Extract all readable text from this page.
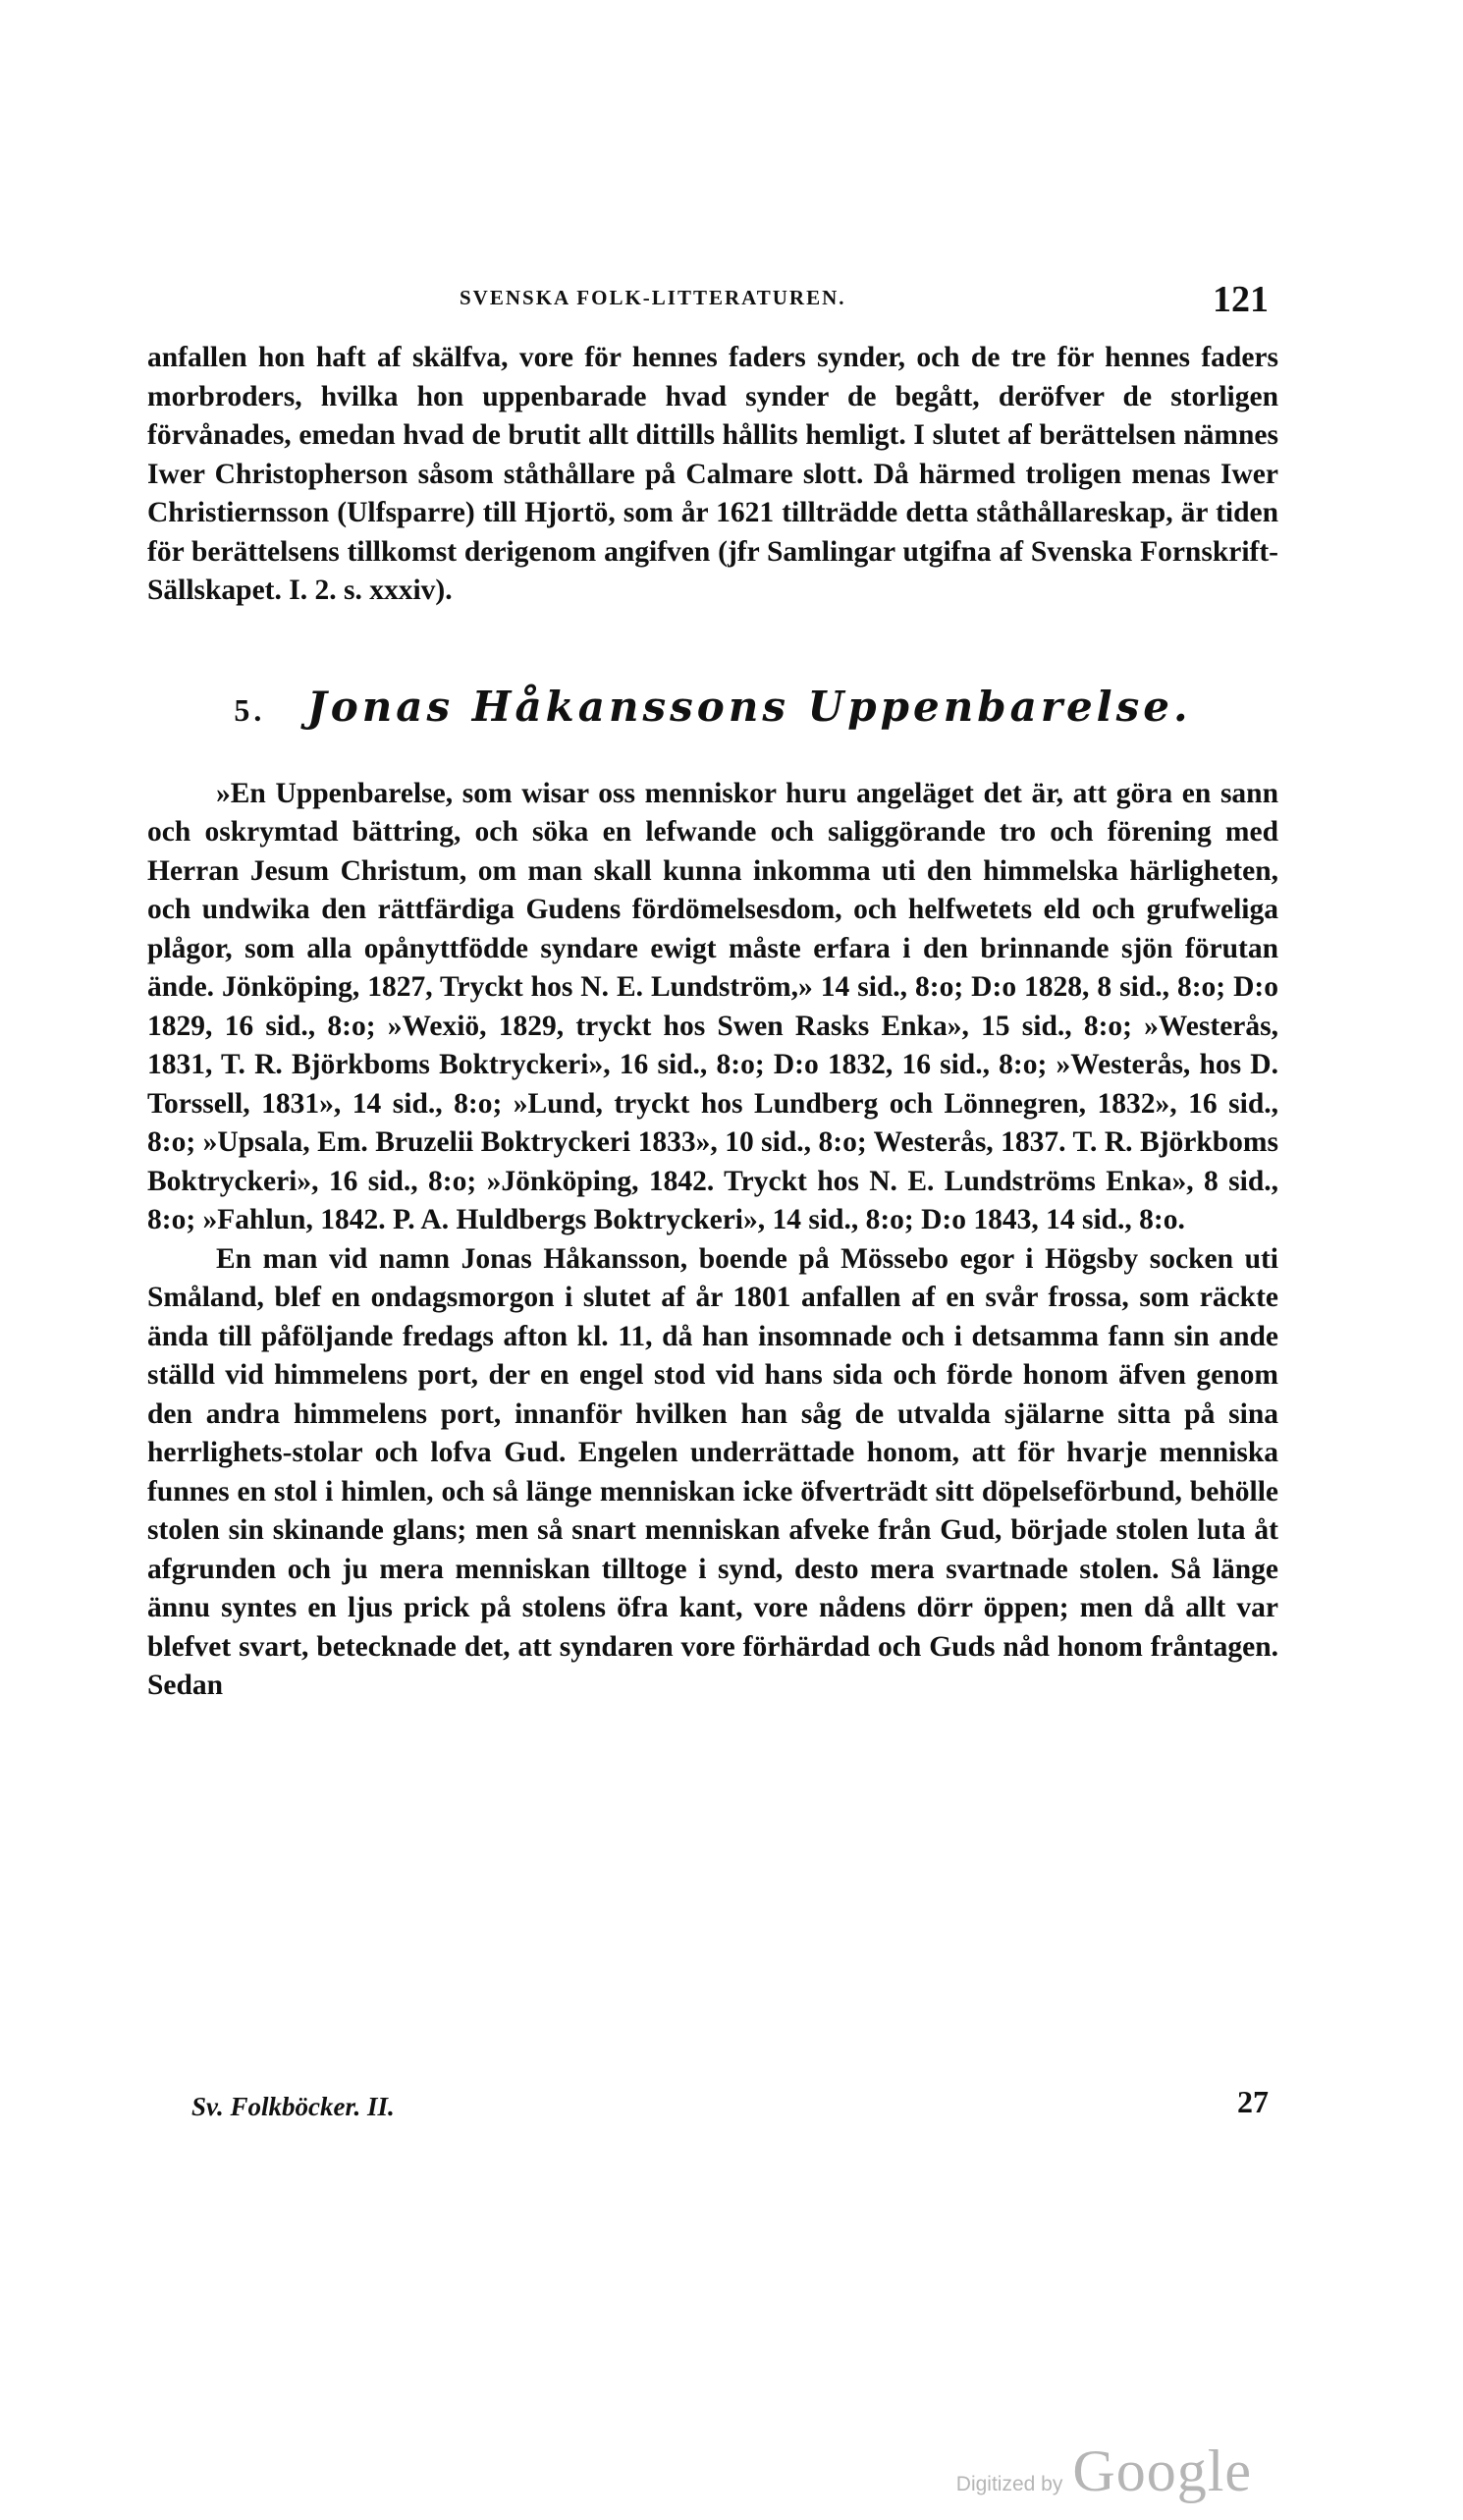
SVENSKA FOLK-LITTERATUREN.	121

anfallen hon haft af skälfva, vore för hennes faders synder, och de tre för hennes faders morbroders, hvilka hon uppenbarade hvad synder de begått, deröfver de storligen förvånades, emedan hvad de brutit allt dittills hållits hemligt. I slutet af berättelsen nämnes Iwer Christopherson såsom ståthållare på Calmare slott. Då härmed troligen menas Iwer Christiernsson (Ulfsparre) till Hjortö, som år 1621 tillträdde detta ståthållareskap, är tiden för berättelsens tillkomst derigenom angifven (jfr Samlingar utgifna af Svenska Fornskrift-Sällskapet. I. 2. s. xxxiv).

5. Jonas Håkanssons Uppenbarelse.

»En Uppenbarelse, som wisar oss menniskor huru angeläget det är, att göra en sann och oskrymtad bättring, och söka en lefwande och saliggörande tro och förening med Herran Jesum Christum, om man skall kunna inkomma uti den himmelska härligheten, och undwika den rättfärdiga Gudens fördömelsesdom, och helfwetets eld och grufweliga plågor, som alla opånyttfödde syndare ewigt måste erfara i den brinnande sjön förutan ände. Jönköping, 1827, Tryckt hos N. E. Lundström,» 14 sid., 8:o; D:o 1828, 8 sid., 8:o; D:o 1829, 16 sid., 8:o; »Wexiö, 1829, tryckt hos Swen Rasks Enka», 15 sid., 8:o; »Westerås, 1831, T. R. Björkboms Boktryckeri», 16 sid., 8:o; D:o 1832, 16 sid., 8:o; »Westerås, hos D. Torssell, 1831», 14 sid., 8:o; »Lund, tryckt hos Lundberg och Lönnegren, 1832», 16 sid., 8:o; »Upsala, Em. Bruzelii Boktryckeri 1833», 10 sid., 8:o; Westerås, 1837. T. R. Björkboms Boktryckeri», 16 sid., 8:o; »Jönköping, 1842. Tryckt hos N. E. Lundströms Enka», 8 sid., 8:o; »Fahlun, 1842. P. A. Huldbergs Boktryckeri», 14 sid., 8:o; D:o 1843, 14 sid., 8:o.

En man vid namn Jonas Håkansson, boende på Mössebo egor i Högsby socken uti Småland, blef en ondagsmorgon i slutet af år 1801 anfallen af en svår frossa, som räckte ända till påföljande fredags afton kl. 11, då han insomnade och i detsamma fann sin ande ställd vid himmelens port, der en engel stod vid hans sida och förde honom äfven genom den andra himmelens port, innanför hvilken han såg de utvalda själarne sitta på sina herrlighets-stolar och lofva Gud. Engelen underrättade honom, att för hvarje menniska funnes en stol i himlen, och så länge menniskan icke öfverträdt sitt döpelseförbund, behölle stolen sin skinande glans; men så snart menniskan afveke från Gud, började stolen luta åt afgrunden och ju mera menniskan tilltoge i synd, desto mera svartnade stolen. Så länge ännu syntes en ljus prick på stolens öfra kant, vore nådens dörr öppen; men då allt var blefvet svart, betecknade det, att syndaren vore förhärdad och Guds nåd honom fråntagen. Sedan

Sv. Folkböcker. II.	27
Digitized by Google
